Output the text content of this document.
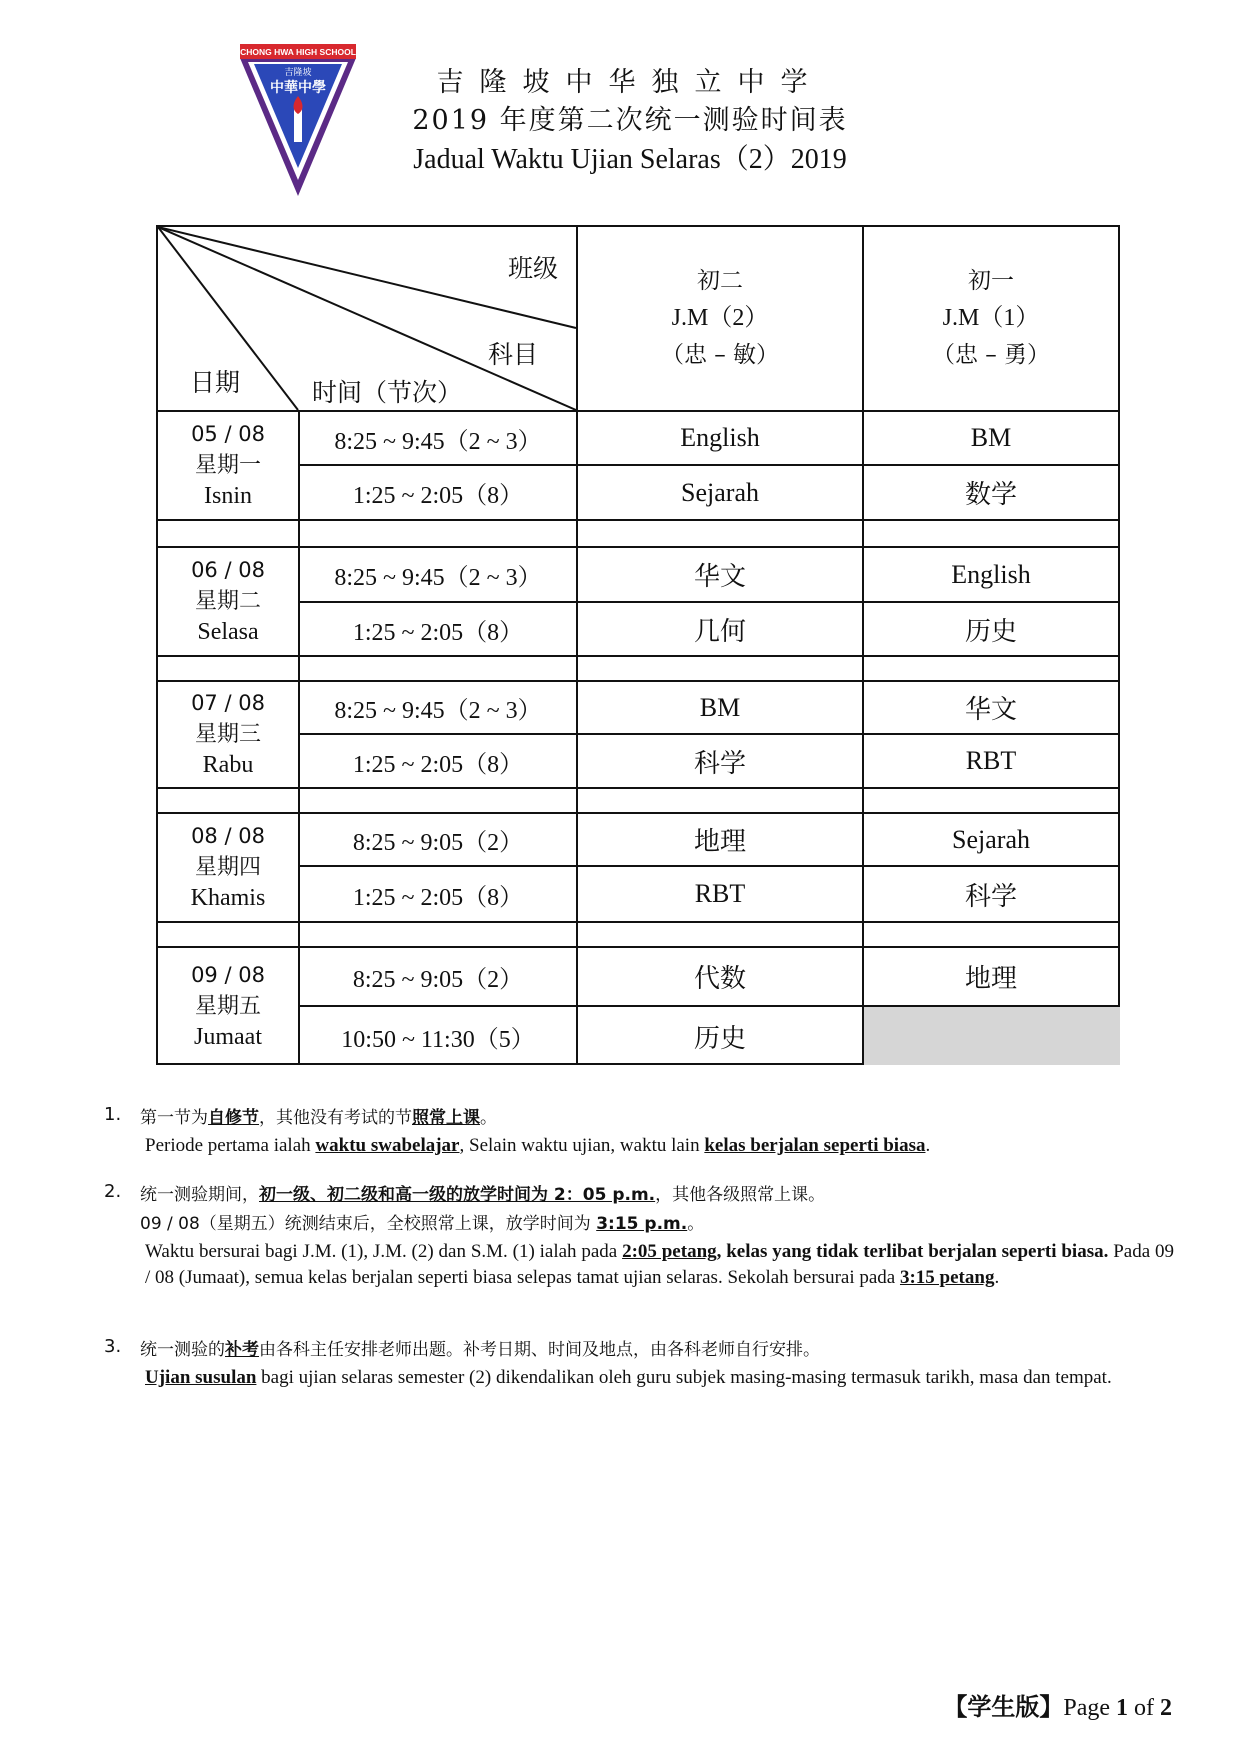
CHONG HWA HIGH SCHOOL
吉隆坡
中華中學	吉隆坡中华独立中学
2019 年度第二次统一测验时间表
Jadual Waktu Ujian Selaras（2）2019
班级
科目
日期	时间（节次）
初二
J.M（2）
（忠 – 敏）
初一
J.M（1）
（忠 – 勇）
05 / 08
星期一
Isnin
8:25 ~ 9:45（2 ~ 3）	English	BM
1:25 ~ 2:05（8）	Sejarah	数学
06 / 08
星期二
Selasa
8:25 ~ 9:45（2 ~ 3）	华文	English
1:25 ~ 2:05（8）	几何	历史
07 / 08
星期三
Rabu
8:25 ~ 9:45（2 ~ 3）	BM	华文
1:25 ~ 2:05（8）	科学	RBT
08 / 08
星期四
Khamis
8:25 ~ 9:05（2）	地理	Sejarah
1:25 ~ 2:05（8）	RBT	科学
09 / 08
星期五
Jumaat
8:25 ~ 9:05（2）	代数	地理
10:50 ~ 11:30（5）	历史
1.	第一节为自修节，其他没有考试的节照常上课。
Periode pertama ialah waktu swabelajar, Selain waktu ujian, waktu lain kelas berjalan seperti biasa.
2.	统一测验期间，初一级、初二级和高一级的放学时间为 2：05 p.m.，其他各级照常上课。
09 / 08（星期五）统测结束后，全校照常上课，放学时间为 3:15 p.m.。
Waktu bersurai bagi J.M. (1), J.M. (2) dan S.M. (1) ialah pada 2:05 petang, kelas yang tidak terlibat berjalan seperti biasa. Pada 09 / 08 (Jumaat), semua kelas berjalan seperti biasa selepas tamat ujian selaras. Sekolah bersurai pada 3:15 petang.
3.	统一测验的补考由各科主任安排老师出题。补考日期、时间及地点，由各科老师自行安排。
Ujian susulan bagi ujian selaras semester (2) dikendalikan oleh guru subjek masing-masing termasuk tarikh, masa dan tempat.
【学生版】Page 1 of 2
